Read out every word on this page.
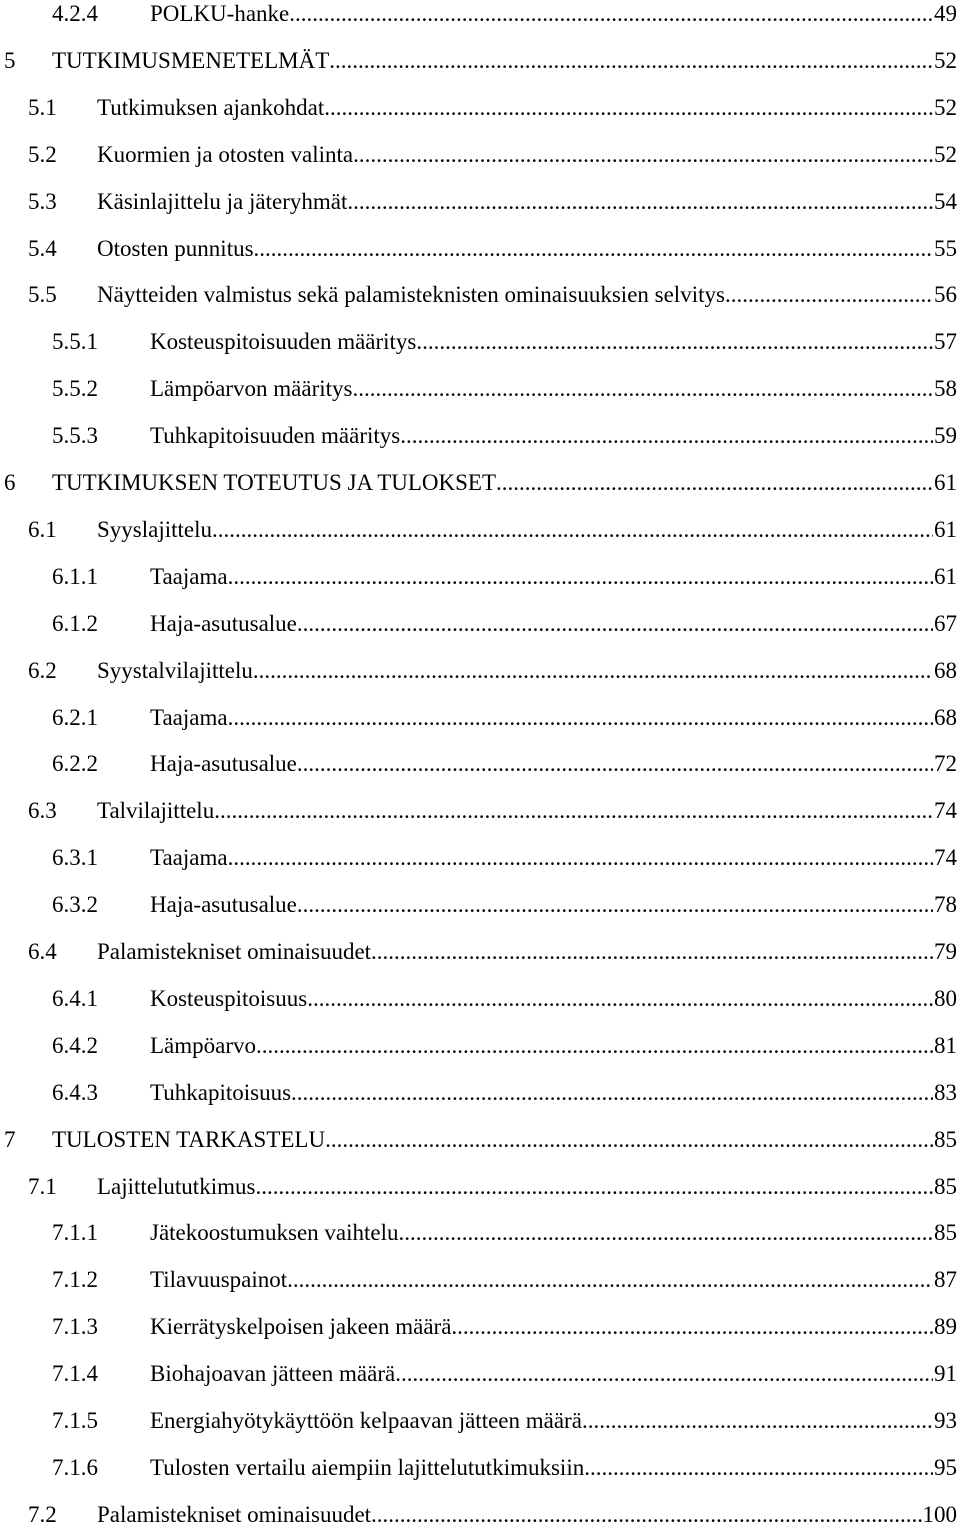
4.2.4 POLKU-hanke .....	49
5 TUTKIMUSMENETELMÄT .....	52
5.1 Tutkimuksen ajankohdat .....	52
5.2 Kuormien ja otosten valinta .....	52
5.3 Käsinlajittelu ja jäteryhmät .....	54
5.4 Otosten punnitus .....	55
5.5 Näytteiden valmistus sekä palamisteknisten ominaisuuksien selvitys .....	56
5.5.1 Kosteuspitoisuuden määritys .....	57
5.5.2 Lämpöarvon määritys .....	58
5.5.3 Tuhkapitoisuuden määritys .....	59
6 TUTKIMUKSEN TOTEUTUS JA TULOKSET .....	61
6.1 Syyslajittelu .....	61
6.1.1 Taajama .....	61
6.1.2 Haja-asutusalue .....	67
6.2 Syystalvilajittelu .....	68
6.2.1 Taajama .....	68
6.2.2 Haja-asutusalue .....	72
6.3 Talvilajittelu .....	74
6.3.1 Taajama .....	74
6.3.2 Haja-asutusalue .....	78
6.4 Palamistekniset ominaisuudet .....	79
6.4.1 Kosteuspitoisuus .....	80
6.4.2 Lämpöarvo .....	81
6.4.3 Tuhkapitoisuus .....	83
7 TULOSTEN TARKASTELU .....	85
7.1 Lajittelututkimus .....	85
7.1.1 Jätekoostumuksen vaihtelu .....	85
7.1.2 Tilavuuspainot .....	87
7.1.3 Kierrätyskelpoisen jakeen määrä .....	89
7.1.4 Biohajoavan jätteen määrä .....	91
7.1.5 Energiahyötykäyttöön kelpaavan jätteen määrä .....	93
7.1.6 Tulosten vertailu aiempiin lajittelututkimuksiin .....	95
7.2 Palamistekniset ominaisuudet .....	100
